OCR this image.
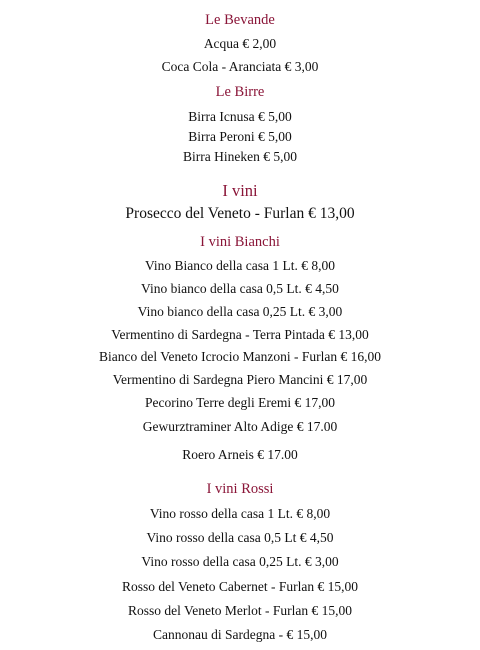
Le Bevande
Acqua € 2,00
Coca Cola - Aranciata € 3,00
Le Birre
Birra Icnusa € 5,00
Birra Peroni € 5,00
Birra Hineken € 5,00
I vini
Prosecco del Veneto - Furlan € 13,00
I vini Bianchi
Vino Bianco della casa 1 Lt. € 8,00
Vino bianco della casa 0,5 Lt. € 4,50
Vino bianco della casa 0,25 Lt. € 3,00
Vermentino di Sardegna - Terra Pintada € 13,00
Bianco del Veneto Icrocio Manzoni - Furlan € 16,00
Vermentino di Sardegna Piero Mancini € 17,00
Pecorino Terre degli Eremi € 17,00
Gewurztraminer Alto Adige € 17.00
Roero Arneis € 17.00
I vini Rossi
Vino rosso della casa 1 Lt. € 8,00
Vino rosso della casa 0,5 Lt € 4,50
Vino rosso della casa 0,25 Lt. € 3,00
Rosso del Veneto Cabernet - Furlan € 15,00
Rosso del Veneto Merlot - Furlan € 15,00
Cannonau di Sardegna - € 15,00
